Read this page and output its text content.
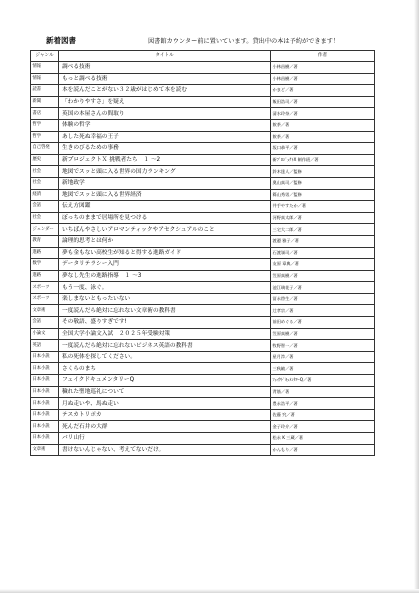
新着図書	図書館カウンター前に置いています。貸出中の本は予約ができます！
ジャンル	タイトル	作者
情報	調べる技術	小林昌樹／著
情報	もっと調べる技術	小林昌樹／著
読書	本を読んだことがない３２歳がはじめて本を読む	かまど／著
新聞	「わかりやすさ」を疑え	飯田浩司／著
書店	英国の本屋さんの間取り	清水玲奈／著
哲学	体験の哲学	飲茶／著
哲学	あした死ぬ幸福の王子	飲茶／著
自己啓発	生きのびるための事務	坂口恭平／著
歴史	新プロジェクトＸ 挑戦者たち　１ ～2	新ﾌﾟﾛｼﾞｪｸﾄX 制作班／著
社会	地図でスッと頭に入る世界の国力ランキング	鈴木達人／監修
社会	新地政学	奥山真司／監修
経済	地図でスッと頭に入る世界経済	篠山秀男／監修
会話	伝え方図鑑	井手やすたか／著
社会	ぼっちのままで居場所を見つける	河野真太郎／著
ジェンダー	いちばんやさしいアロマンティックやアセクシュアルのこと	三宅大二郎／著
教育	論理的思考とは何か	渡邉 雅子／著
進路	夢も金もない高校生が知ると得する進路ガイド	石渡嶺司／著
数学	データリテラシー入門	友原 章典／著
進路	夢なし先生の進路指導　１ ～3	笠原真樹／著
スポーツ	もう一度、泳ぐ。	池江璃花子／著
スポーツ	楽しまないともったいない	冨永啓生／著
文章術	一度読んだら絶対に忘れない文章術の教科書	辻孝宗／著
会話	その敬語、盛りすぎです!	前田めぐる／著
小論文	全国大学小論文入試　２０２５年受験対策	笠原真樹／著
英語	一度読んだら絶対に忘れないビジネス英語の教科書	牧野智一／著
日本小説	私の死体を探してください。	星月渉／著
日本小説	さくらのまち	三秋縋／著
日本小説	フェイクドキュメンタリーQ	ﾌｪｲｸﾄﾞｷｭﾒﾝﾀﾘｰQ／著
日本小説	穢れた聖地巡礼について	背筋／著
日本小説	月ぬ走いや、馬ぬ走い	豊永浩平／著
日本小説	テスカトリポカ	佐藤 究／著
日本小説	死んだ石井の大群	金子玲介／著
日本小説	バリ山行	松永 K 三蔵／著
文章術	書けないんじゃない、考えてないだけ。	かんもり／著
